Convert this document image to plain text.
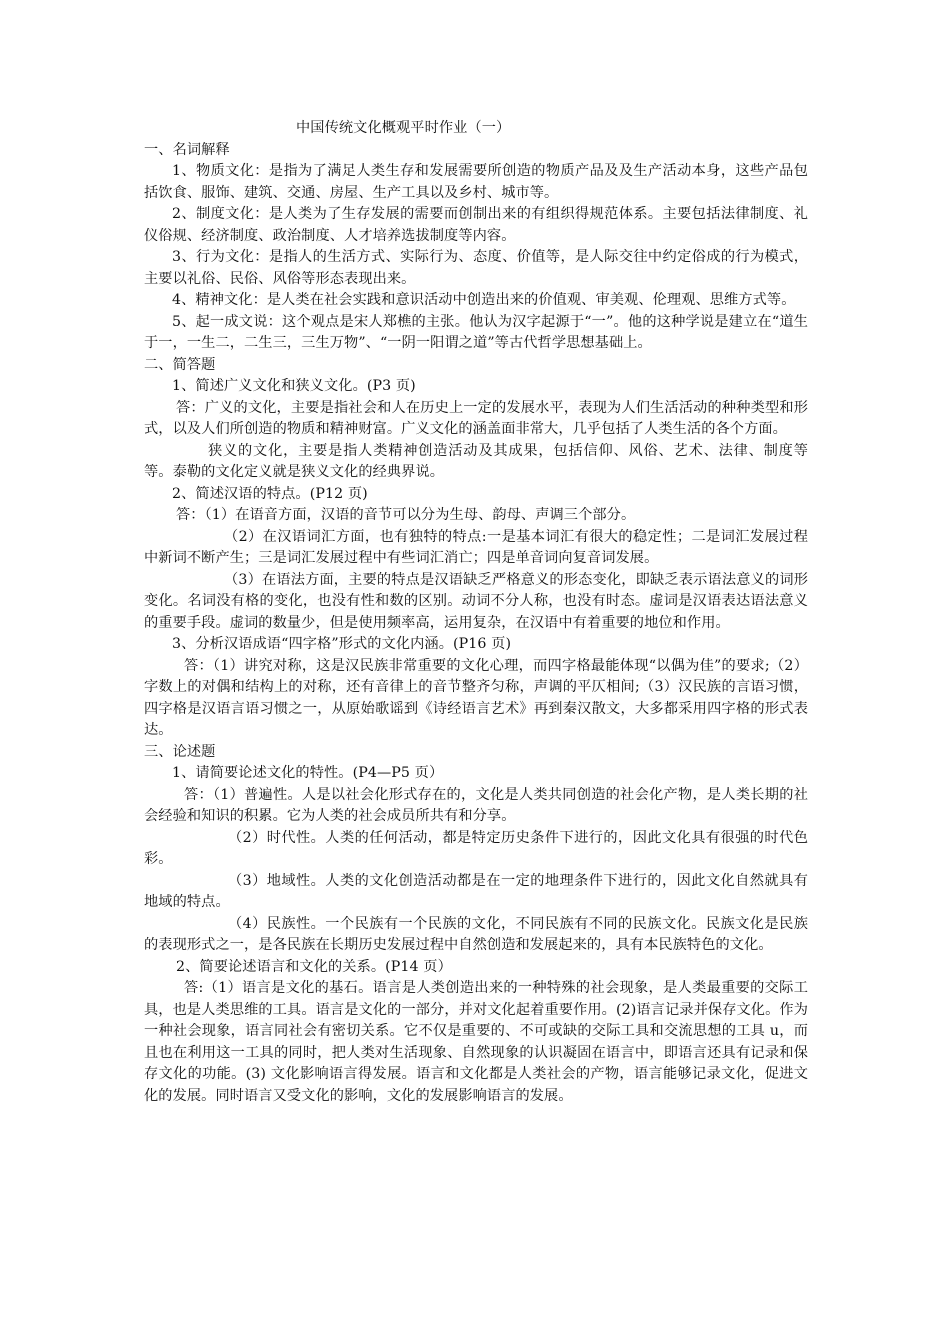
中国传统文化概观平时作业（一）

一、名词解释

1、物质文化：是指为了满足人类生存和发展需要所创造的物质产品及及生产活动本身，这些产品包括饮食、服饰、建筑、交通、房屋、生产工具以及乡村、城市等。

2、制度文化：是人类为了生存发展的需要而创制出来的有组织得规范体系。主要包括法律制度、礼仪俗规、经济制度、政治制度、人才培养选拔制度等内容。

3、行为文化：是指人的生活方式、实际行为、态度、价值等，是人际交往中约定俗成的行为模式，主要以礼俗、民俗、风俗等形态表现出来。

4、精神文化：是人类在社会实践和意识活动中创造出来的价值观、审美观、伦理观、思维方式等。

5、起一成文说：这个观点是宋人郑樵的主张。他认为汉字起源于“一”。他的这种学说是建立在“道生于一，一生二，二生三，三生万物”、“一阴一阳谓之道”等古代哲学思想基础上。

二、简答题

1、简述广义文化和狭义文化。(P3 页)

答：广义的文化，主要是指社会和人在历史上一定的发展水平，表现为人们生活活动的种种类型和形式，以及人们所创造的物质和精神财富。广义文化的涵盖面非常大，几乎包括了人类生活的各个方面。

狭义的文化，主要是指人类精神创造活动及其成果，包括信仰、风俗、艺术、法律、制度等等。泰勒的文化定义就是狭义文化的经典界说。

2、简述汉语的特点。(P12 页)

答：（1）在语音方面，汉语的音节可以分为生母、韵母、声调三个部分。

（2）在汉语词汇方面，也有独特的特点:一是基本词汇有很大的稳定性；二是词汇发展过程中新词不断产生；三是词汇发展过程中有些词汇消亡；四是单音词向复音词发展。

（3）在语法方面，主要的特点是汉语缺乏严格意义的形态变化，即缺乏表示语法意义的词形变化。名词没有格的变化，也没有性和数的区别。动词不分人称，也没有时态。虚词是汉语表达语法意义的重要手段。虚词的数量少，但是使用频率高，运用复杂，在汉语中有着重要的地位和作用。

3、分析汉语成语“四字格”形式的文化内涵。(P16 页)

答：（1）讲究对称，这是汉民族非常重要的文化心理，而四字格最能体现“以偶为佳”的要求;（2）字数上的对偶和结构上的对称，还有音律上的音节整齐匀称，声调的平仄相间;（3）汉民族的言语习惯，四字格是汉语言语习惯之一，从原始歌谣到《诗经语言艺术》再到秦汉散文，大多都采用四字格的形式表达。

三、论述题

1、请简要论述文化的特性。(P4—P5 页）

答：（1）普遍性。人是以社会化形式存在的，文化是人类共同创造的社会化产物，是人类长期的社会经验和知识的积累。它为人类的社会成员所共有和分享。

（2）时代性。人类的任何活动，都是特定历史条件下进行的，因此文化具有很强的时代色彩。

（3）地域性。人类的文化创造活动都是在一定的地理条件下进行的，因此文化自然就具有地域的特点。

（4）民族性。一个民族有一个民族的文化，不同民族有不同的民族文化。民族文化是民族的表现形式之一，是各民族在长期历史发展过程中自然创造和发展起来的，具有本民族特色的文化。

2、简要论述语言和文化的关系。(P14 页）

答:（1）语言是文化的基石。语言是人类创造出来的一种特殊的社会现象，是人类最重要的交际工具，也是人类思维的工具。语言是文化的一部分，并对文化起着重要作用。(2)语言记录并保存文化。作为一种社会现象，语言同社会有密切关系。它不仅是重要的、不可或缺的交际工具和交流思想的工具 u，而且也在利用这一工具的同时，把人类对生活现象、自然现象的认识凝固在语言中，即语言还具有记录和保存文化的功能。(3) 文化影响语言得发展。语言和文化都是人类社会的产物，语言能够记录文化，促进文化的发展。同时语言又受文化的影响，文化的发展影响语言的发展。
